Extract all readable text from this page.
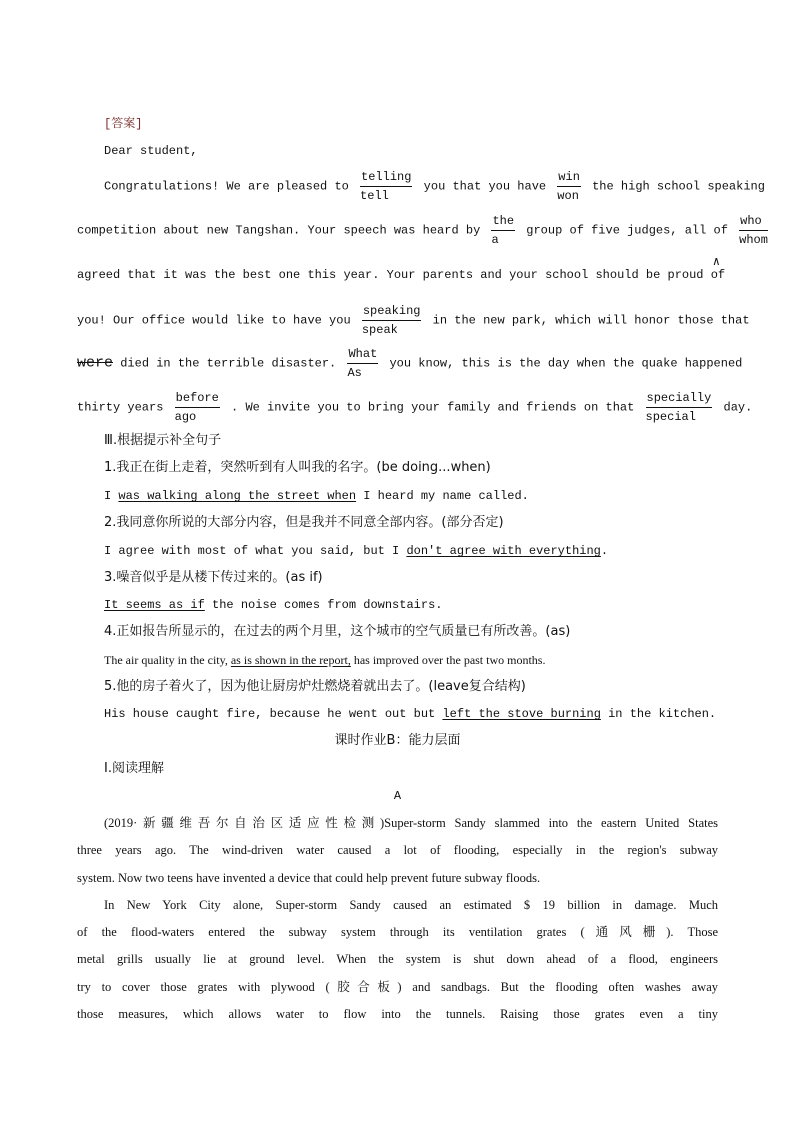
[答案]
Dear student,
Congratulations! We are pleased to
telling
tell
you that you have
win
won
the high school speaking
competition about new Tangshan. Your speech was heard by
the
a
group of five judges, all of
who
whom
agreed that it was the best one this year. Your parents and your school should be proud
∧
of
you! Our office would like to have you
speaking
speak
in the new park, which will honor those that
were died in the terrible disaster.
What
As
you know, this is the day when the quake happened
thirty years
before
ago
. We invite you to bring your family and friends on that
specially
special
day.
Ⅲ.根据提示补全句子
1.我正在街上走着，突然听到有人叫我的名字。(be doing...when)
I was walking along the street when I heard my name called.
2.我同意你所说的大部分内容，但是我并不同意全部内容。(部分否定)
I agree with most of what you said, but I don't agree with everything.
3.噪音似乎是从楼下传过来的。(as if)
It seems as if the noise comes from downstairs.
4.正如报告所显示的，在过去的两个月里，这个城市的空气质量已有所改善。(as)
The air quality in the city, as is shown in the report, has improved over the past two months.
5.他的房子着火了，因为他让厨房炉灶燃烧着就出去了。(leave复合结构)
His house caught fire, because he went out but left the stove burning in the kitchen.
课时作业B：能力层面
Ⅰ.阅读理解
A
(2019·新疆维吾尔自治区适应性检测)Super-storm Sandy slammed into the eastern United States
three years ago. The wind-driven water caused a lot of flooding, especially in the region's subway
system. Now two teens have invented a device that could help prevent future subway floods.
In New York City alone, Super-storm Sandy caused an estimated $ 19 billion in damage. Much
of the flood-waters entered the subway system through its ventilation grates (通风栅). Those
metal grills usually lie at ground level. When the system is shut down ahead of a flood, engineers
try to cover those grates with plywood (胶合板) and sandbags. But the flooding often washes away
those measures, which allows water to flow into the tunnels. Raising those grates even a tiny
